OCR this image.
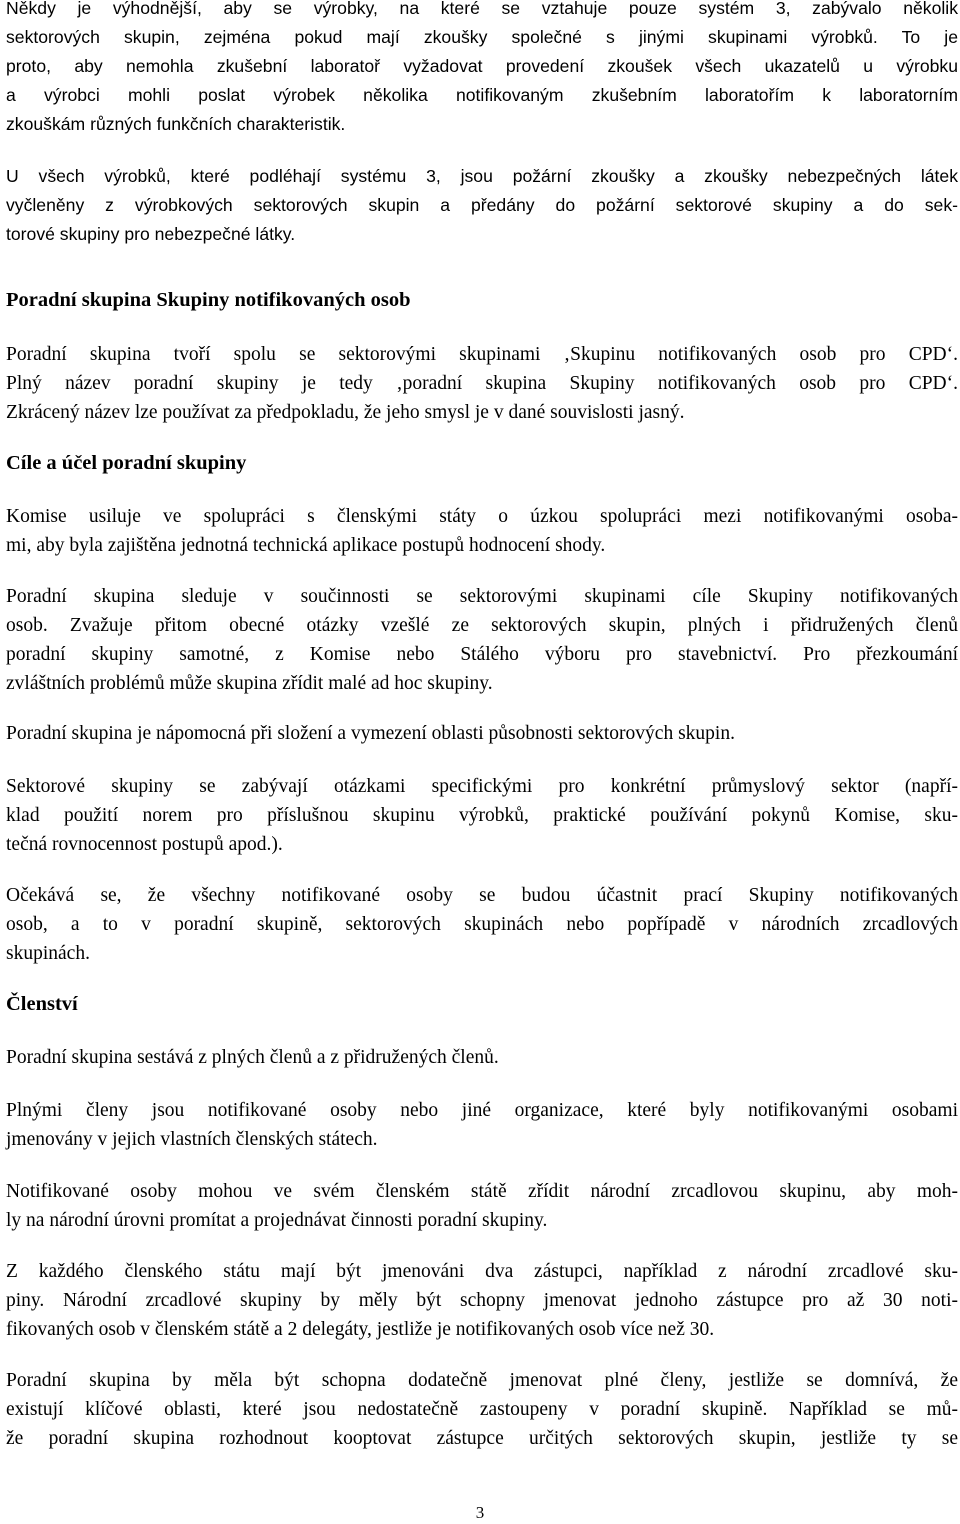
Někdy je výhodnější, aby se výrobky, na které se vztahuje pouze systém 3, zabývalo několik
sektorových skupin, zejména pokud mají zkoušky společné s jinými skupinami výrobků. To je
proto, aby nemohla zkušební laboratoř vyžadovat provedení zkoušek všech ukazatelů u výrobku
a výrobci mohli poslat výrobek několika notifikovaným zkušebním laboratořím k laboratorním
zkouškám různých funkčních charakteristik.

U všech výrobků, které podléhají systému 3, jsou požární zkoušky a zkoušky nebezpečných látek
vyčleněny z výrobkových sektorových skupin a předány do požární sektorové skupiny a do sek-
torové skupiny pro nebezpečné látky.

Poradní skupina Skupiny notifikovaných osob

Poradní skupina tvoří spolu se sektorovými skupinami ‚Skupinu notifikovaných osob pro CPD‘.
Plný název poradní skupiny je tedy ‚poradní skupina Skupiny notifikovaných osob pro CPD‘.
Zkrácený název lze používat za předpokladu, že jeho smysl je v dané souvislosti jasný.

Cíle a účel poradní skupiny

Komise usiluje ve spolupráci s členskými státy o úzkou spolupráci mezi notifikovanými osoba-
mi, aby byla zajištěna jednotná technická aplikace postupů hodnocení shody.

Poradní skupina sleduje v součinnosti se sektorovými skupinami cíle Skupiny notifikovaných
osob. Zvažuje přitom obecné otázky vzešlé ze sektorových skupin, plných i přidružených členů
poradní skupiny samotné, z Komise nebo Stálého výboru pro stavebnictví. Pro přezkoumání
zvláštních problémů může skupina zřídit malé ad hoc skupiny.

Poradní skupina je nápomocná při složení a vymezení oblasti působnosti sektorových skupin.

Sektorové skupiny se zabývají otázkami specifickými pro konkrétní průmyslový sektor (napří-
klad použití norem pro příslušnou skupinu výrobků, praktické používání pokynů Komise, sku-
tečná rovnocennost postupů apod.).

Očekává se, že všechny notifikované osoby se budou účastnit prací Skupiny notifikovaných
osob, a to v poradní skupině, sektorových skupinách nebo popřípadě v národních zrcadlových
skupinách.

Členství

Poradní skupina sestává z plných členů a z přidružených členů.

Plnými členy jsou notifikované osoby nebo jiné organizace, které byly notifikovanými osobami
jmenovány v jejich vlastních členských státech.

Notifikované osoby mohou ve svém členském státě zřídit národní zrcadlovou skupinu, aby moh-
ly na národní úrovni promítat a projednávat činnosti poradní skupiny.

Z každého členského státu mají být jmenováni dva zástupci, například z národní zrcadlové sku-
piny. Národní zrcadlové skupiny by měly být schopny jmenovat jednoho zástupce pro až 30 noti-
fikovaných osob v členském státě a 2 delegáty, jestliže je notifikovaných osob více než 30.

Poradní skupina by měla být schopna dodatečně jmenovat plné členy, jestliže se domnívá, že
existují klíčové oblasti, které jsou nedostatečně zastoupeny v poradní skupině. Například se mů-
že poradní skupina rozhodnout kooptovat zástupce určitých sektorových skupin, jestliže ty se

3
